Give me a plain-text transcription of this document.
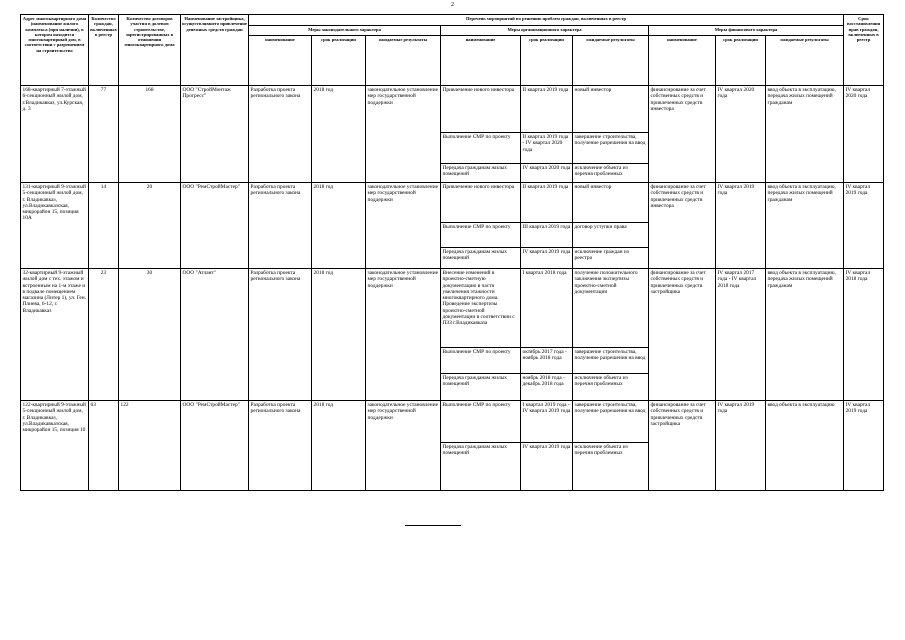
2
Адрес многоквартирного дома (наименование жилого комплекса (при наличии), в котором находится многоквартирный дом, в соответствии с разрешением на строительство	Количество граждан, включенных в реестр	Количество договоров участия в долевом строительстве, зарегистрированных в отношении многоквартирного дома	Наименование застройщика, осуществлявшего привлечение денежных средств граждан	Перечень мероприятий по решению проблем граждан, включенных в реестр									Срок восстановления прав граждан, включенных в реестр
				Меры законодательного характера			Меры организационного характера			Меры финансового характера			
				наименование	срок реализации	ожидаемые результаты	наименование	срок реализации	ожидаемые результаты	наименование	срок реализации	ожидаемые результаты	
168-квартирный 7-этажный 6-секционный жилой дом, г.Владикавказ, ул.Курская, д. 3	77	168	ООО "СтройМонтаж Прогресс"	Разработка проекта регионального закона	2018 год	законодательное установление мер государственной поддержки	Привлечение нового инвестора	II квартал 2019 года	новый инвестор	финансирование за счет собственных средств и привлеченных средств инвестора	IV квартал 2020 года	ввод объекта в эксплуатацию, передача жилых помещений гражданам	IV квартал 2020 года
							Выполнение СМР по проекту	II квартал 2019 года - IV квартал 2020 года	завершение строительства, получение разрешения на ввод				
							Передача гражданам жилых помещений	IV квартал 2020 года	исключение объекта из перечня проблемных				
131-квартирный 9-этажный 5-секционный жилой дом, г. Владикавказ, ул.Владикавказская, микрорайон 15, позиция 10А	14	20	ООО "РемСтройМастер"	Разработка проекта регионального закона	2018 год	законодательное установление мер государственной поддержки	Привлечение нового инвестора	II квартал 2019 года	новый инвестор	финансирование за счет собственных средств и привлеченных средств инвестора	IV квартал 2019 года	ввод объекта в эксплуатацию, передача жилых помещений гражданам	IV квартал 2019 года
							Выполнение СМР по проекту	III квартал 2019 года	договор уступки права				
							Передача гражданам жилых помещений	IV квартал 2019 года	исключение граждан из реестра				
32-квартирный 9-этажный жилой дом с тех. этажом и встроенным на 1-м этаже и в подвале помещением магазина (Литер 1), ул. Ген. Плиева, 6-12, г. Владикавказ	23	30	ООО "Атлант"	Разработка проекта регионального закона	2018 год	законодательное установление мер государственной поддержки	Внесение изменений в проектно-сметную документацию в части увеличения этажности многоквартирного дома. Проведение экспертизы проектно-сметной документации в соответствии с ПЗЗ г.Владикавказа	I квартал 2018 года	получение положительного заключения экспертизы проектно-сметной документации	финансирование за счет собственных средств и привлеченных средств застройщика	IV квартал 2017 года - IV квартал 2018 года	ввод объекта в эксплуатацию, передача жилых помещений гражданам	IV квартал 2018 года
							Выполнение СМР по проекту	октябрь 2017 года - ноябрь 2018 года	завершение строительства, получение разрешения на ввод				
							Передача гражданам жилых помещений	ноябрь 2018 года - декабрь 2018 года	исключение объекта из перечня проблемных				
122-квартирный 9-этажный 5-секционный жилой дом, г. Владикавказ, ул.Владикавказская, микрорайон 15, позиция 10	63	122	ООО "РемСтройМастер"	Разработка проекта регионального закона	2018 год	законодательное установление мер государственной поддержки	Выполнение СМР по проекту	I квартал 2019 года - IV квартал 2019 года	завершение строительства, получение разрешения на ввод	финансирование за счет собственных средств и привлеченных средств застройщика	IV квартал 2019 года	ввод объекта в эксплуатацию	IV квартал 2019 года
							Передача гражданам жилых помещений	IV квартал 2019 года	исключение объекта из перечня проблемных				
